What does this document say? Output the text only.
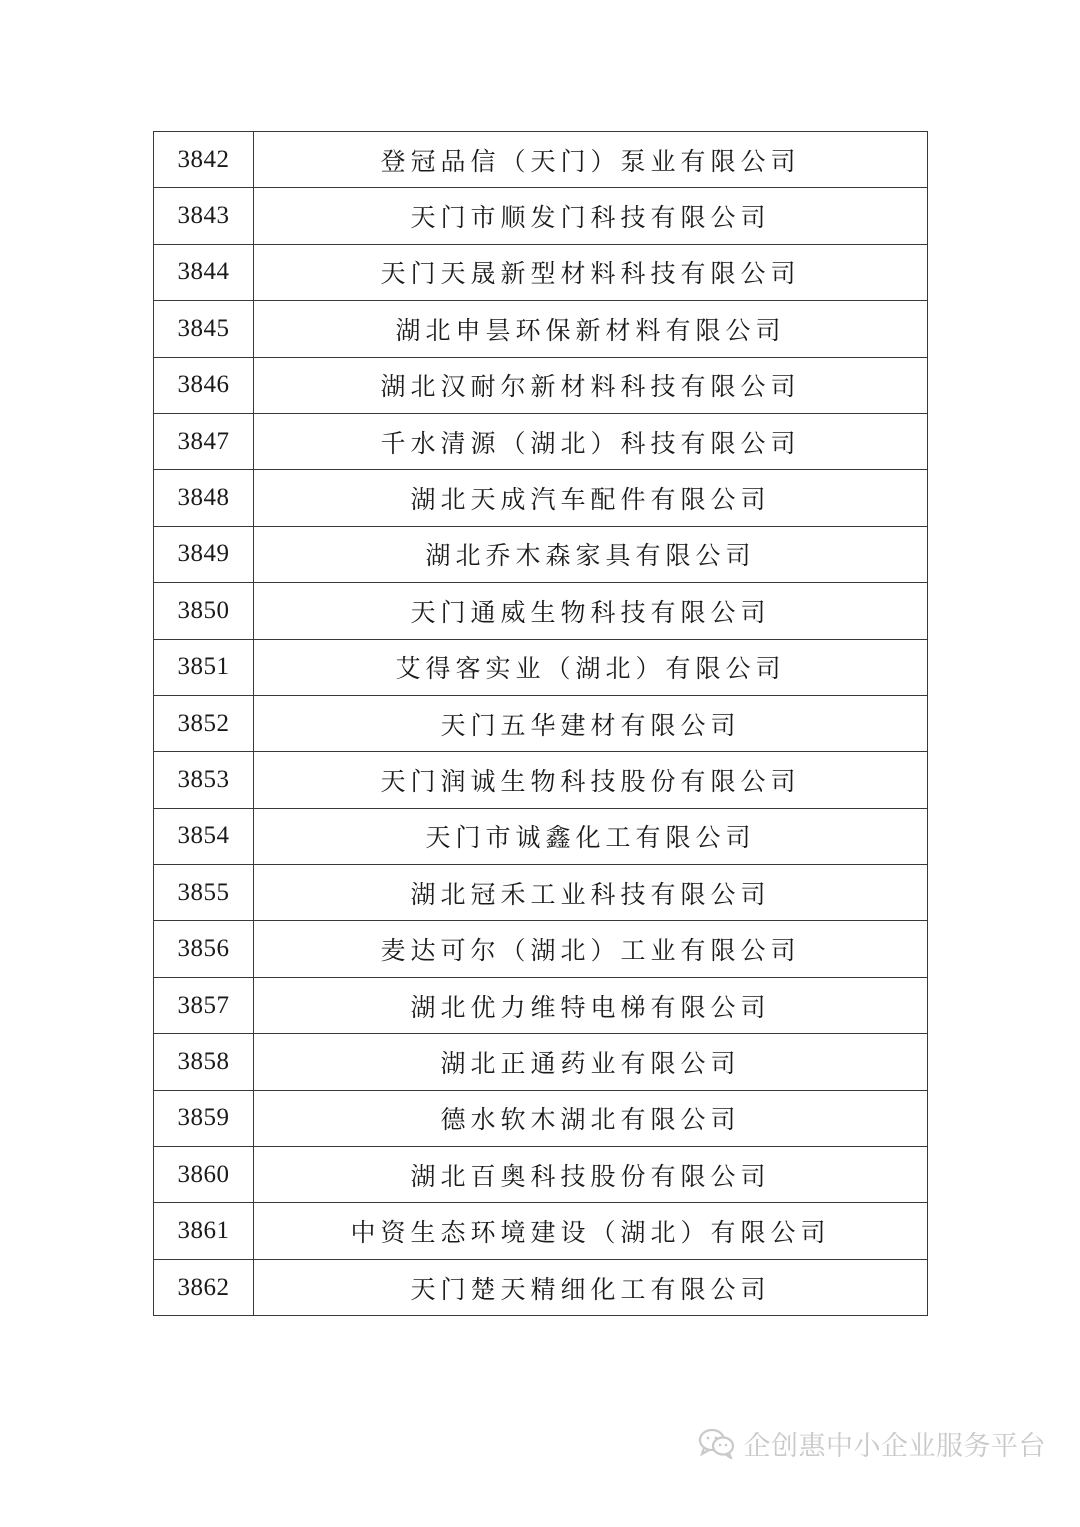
3842	登冠品信（天门）泵业有限公司
3843	天门市顺发门科技有限公司
3844	天门天晟新型材料科技有限公司
3845	湖北申昙环保新材料有限公司
3846	湖北汉耐尔新材料科技有限公司
3847	千水清源（湖北）科技有限公司
3848	湖北天成汽车配件有限公司
3849	湖北乔木森家具有限公司
3850	天门通威生物科技有限公司
3851	艾得客实业（湖北）有限公司
3852	天门五华建材有限公司
3853	天门润诚生物科技股份有限公司
3854	天门市诚鑫化工有限公司
3855	湖北冠禾工业科技有限公司
3856	麦达可尔（湖北）工业有限公司
3857	湖北优力维特电梯有限公司
3858	湖北正通药业有限公司
3859	德水软木湖北有限公司
3860	湖北百奥科技股份有限公司
3861	中资生态环境建设（湖北）有限公司
3862	天门楚天精细化工有限公司
企创惠中小企业服务平台
